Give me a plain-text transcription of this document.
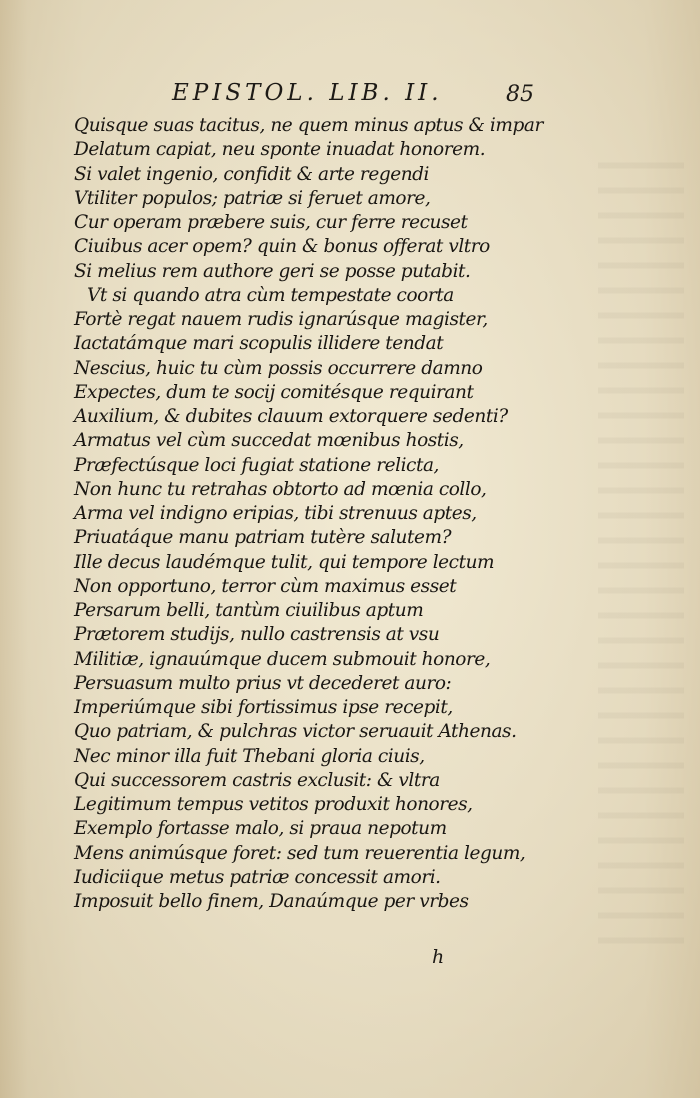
EPISTOL. LIB. II.	85
Quisque suas tacitus, ne quem minus aptus & impar
Delatum capiat, neu sponte inuadat honorem.
Si valet ingenio, confidit & arte regendi
Vtiliter populos; patriæ si feruet amore,
Cur operam præbere suis, cur ferre recuset
Ciuibus acer opem? quin & bonus offerat vltro
Si melius rem authore geri se posse putabit.
Vt si quando atra cùm tempestate coorta
Fortè regat nauem rudis ignarúsque magister,
Iactatámque mari scopulis illidere tendat
Nescius, huic tu cùm possis occurrere damno
Expectes, dum te socij comitésque requirant
Auxilium, & dubites clauum extorquere sedenti?
Armatus vel cùm succedat mœnibus hostis,
Præfectúsque loci fugiat statione relicta,
Non hunc tu retrahas obtorto ad mœnia collo,
Arma vel indigno eripias, tibi strenuus aptes,
Priuatáque manu patriam tutère salutem?
Ille decus laudémque tulit, qui tempore lectum
Non opportuno, terror cùm maximus esset
Persarum belli, tantùm ciuilibus aptum
Prætorem studijs, nullo castrensis at vsu
Militiæ, ignauúmque ducem submouit honore,
Persuasum multo prius vt decederet auro:
Imperiúmque sibi fortissimus ipse recepit,
Quo patriam, & pulchras victor seruauit Athenas.
Nec minor illa fuit Thebani gloria ciuis,
Qui successorem castris exclusit: & vltra
Legitimum tempus vetitos produxit honores,
Exemplo fortasse malo, si praua nepotum
Mens animúsque foret: sed tum reuerentia legum,
Iudiciique metus patriæ concessit amori.
Imposuit bello finem, Danaúmque per vrbes
h
